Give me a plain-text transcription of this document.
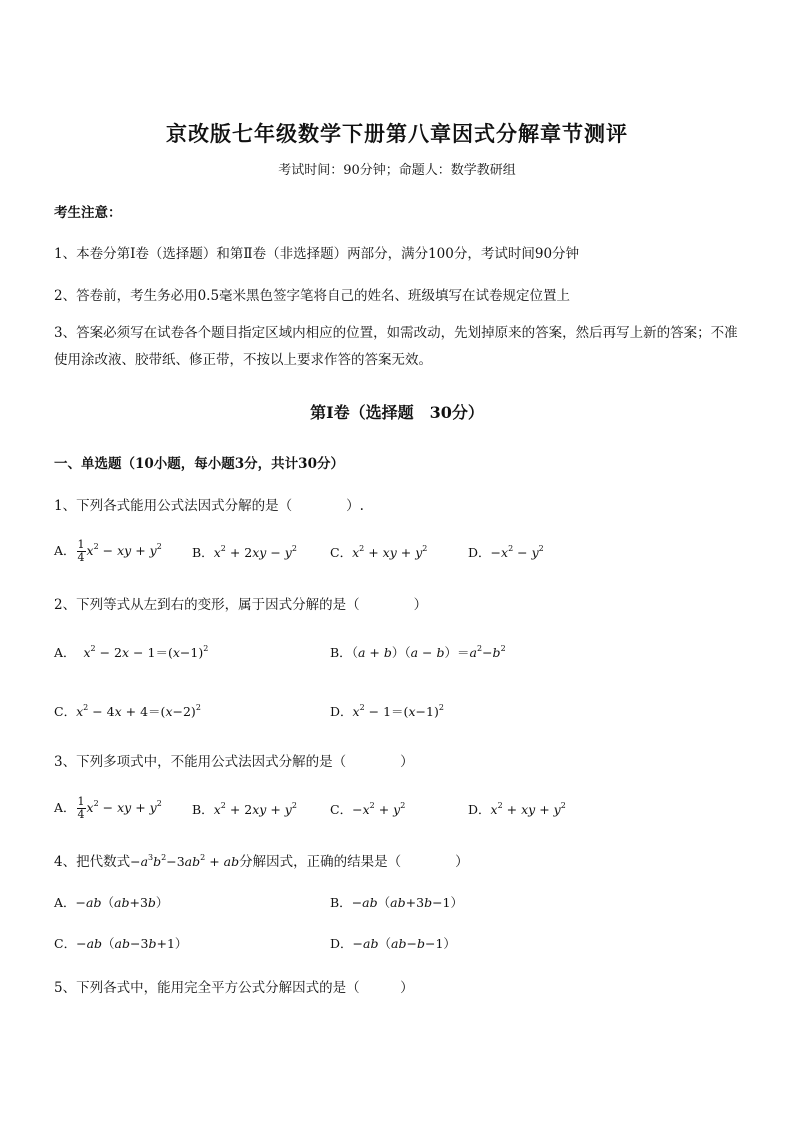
京改版七年级数学下册第八章因式分解章节测评
考试时间：90分钟；命题人：数学教研组
考生注意：
1、本卷分第Ⅰ卷（选择题）和第Ⅱ卷（非选择题）两部分，满分100分，考试时间90分钟
2、答卷前，考生务必用0.5毫米黑色签字笔将自己的姓名、班级填写在试卷规定位置上
3、答案必须写在试卷各个题目指定区域内相应的位置，如需改动，先划掉原来的答案，然后再写上新的答案；不准使用涂改液、胶带纸、修正带，不按以上要求作答的答案无效。
第Ⅰ卷（选择题　30分）
一、单选题（10小题，每小题3分，共计30分）
1、下列各式能用公式法因式分解的是（　　　　）.
A． $\frac{1}{4} x^2$ − xy + $y^2$ B．$x^2 + 2xy - y^2$	C．$x^2$ + xy + $y^2$	D．$-x^2 - y^2$
2、下列等式从左到右的变形，属于因式分解的是（　　　　）
A． $x^2 - 2x - 1=(x-1)^2$	B．$(a + b)(a - b)=a^2-b^2$
C．$x^2 - 4x + 4=(x-2)^2$	D．$x^2 - 1=(x-1)^2$
3、下列多项式中，不能用公式法因式分解的是（　　　　）
A． $\frac{1}{4} x^2$ − xy + $y^2$ B．$x^2 + 2xy + y^2$	C．$-x^2 + y^2$	D．$x^2$ + xy + $y^2$
4、把代数式$-a^3b^2-3ab^2$ + ab分解因式，正确的结果是（　　　　）
A．−ab（ab+3b）	B．−ab（ab+3b−1）
C．−ab（ab−3b+1）	D．−ab（ab−b−1）
5、下列各式中，能用完全平方公式分解因式的是（　　　）
